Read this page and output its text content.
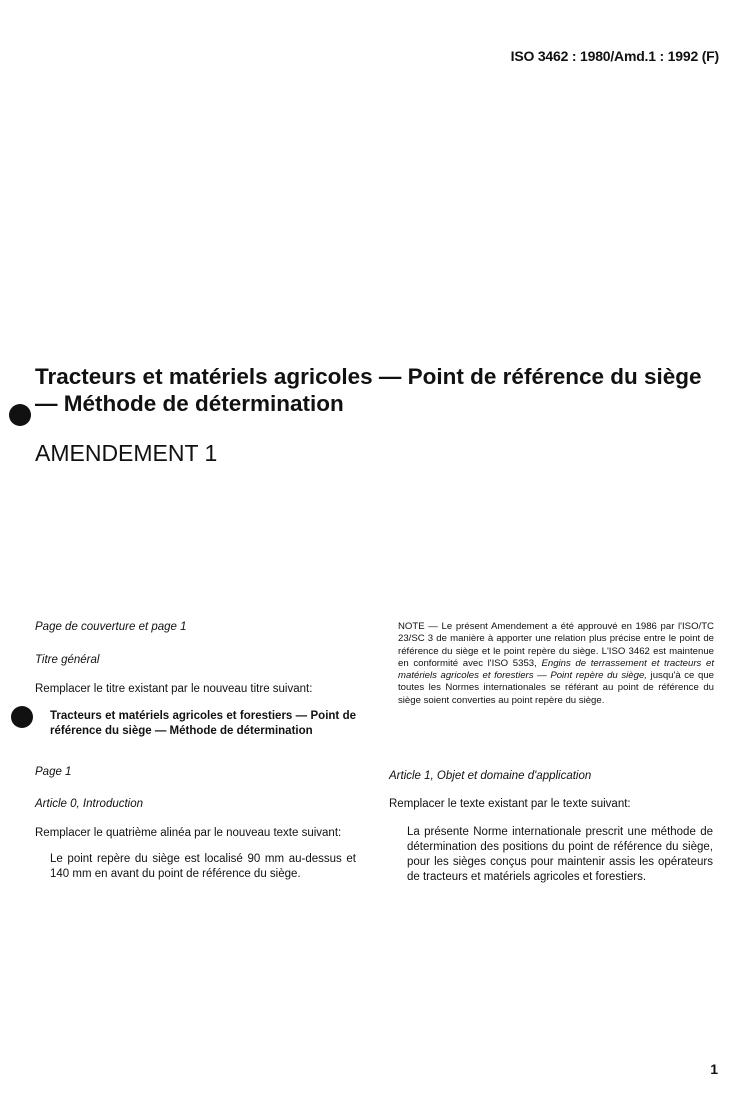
ISO 3462 : 1980/Amd.1 : 1992 (F)
Tracteurs et matériels agricoles — Point de référence du siège — Méthode de détermination
AMENDEMENT 1

Page de couverture et page 1

Titre général

Remplacer le titre existant par le nouveau titre suivant:

Tracteurs et matériels agricoles et forestiers — Point de référence du siège — Méthode de détermination

Page 1

Article 0, Introduction

Remplacer le quatrième alinéa par le nouveau texte suivant:

Le point repère du siège est localisé 90 mm au-dessus et 140 mm en avant du point de référence du siège.

NOTE — Le présent Amendement a été approuvé en 1986 par l'ISO/TC 23/SC 3 de manière à apporter une relation plus précise entre le point de référence du siège et le point repère du siège. L'ISO 3462 est maintenue en conformité avec l'ISO 5353, Engins de terrassement et tracteurs et matériels agricoles et forestiers — Point repère du siège, jusqu'à ce que toutes les Normes internationales se référant au point de référence du siège soient converties au point repère du siège.

Article 1, Objet et domaine d'application

Remplacer le texte existant par le texte suivant:

La présente Norme internationale prescrit une méthode de détermination des positions du point de référence du siège, pour les sièges conçus pour maintenir assis les opérateurs de tracteurs et matériels agricoles et forestiers.

1
